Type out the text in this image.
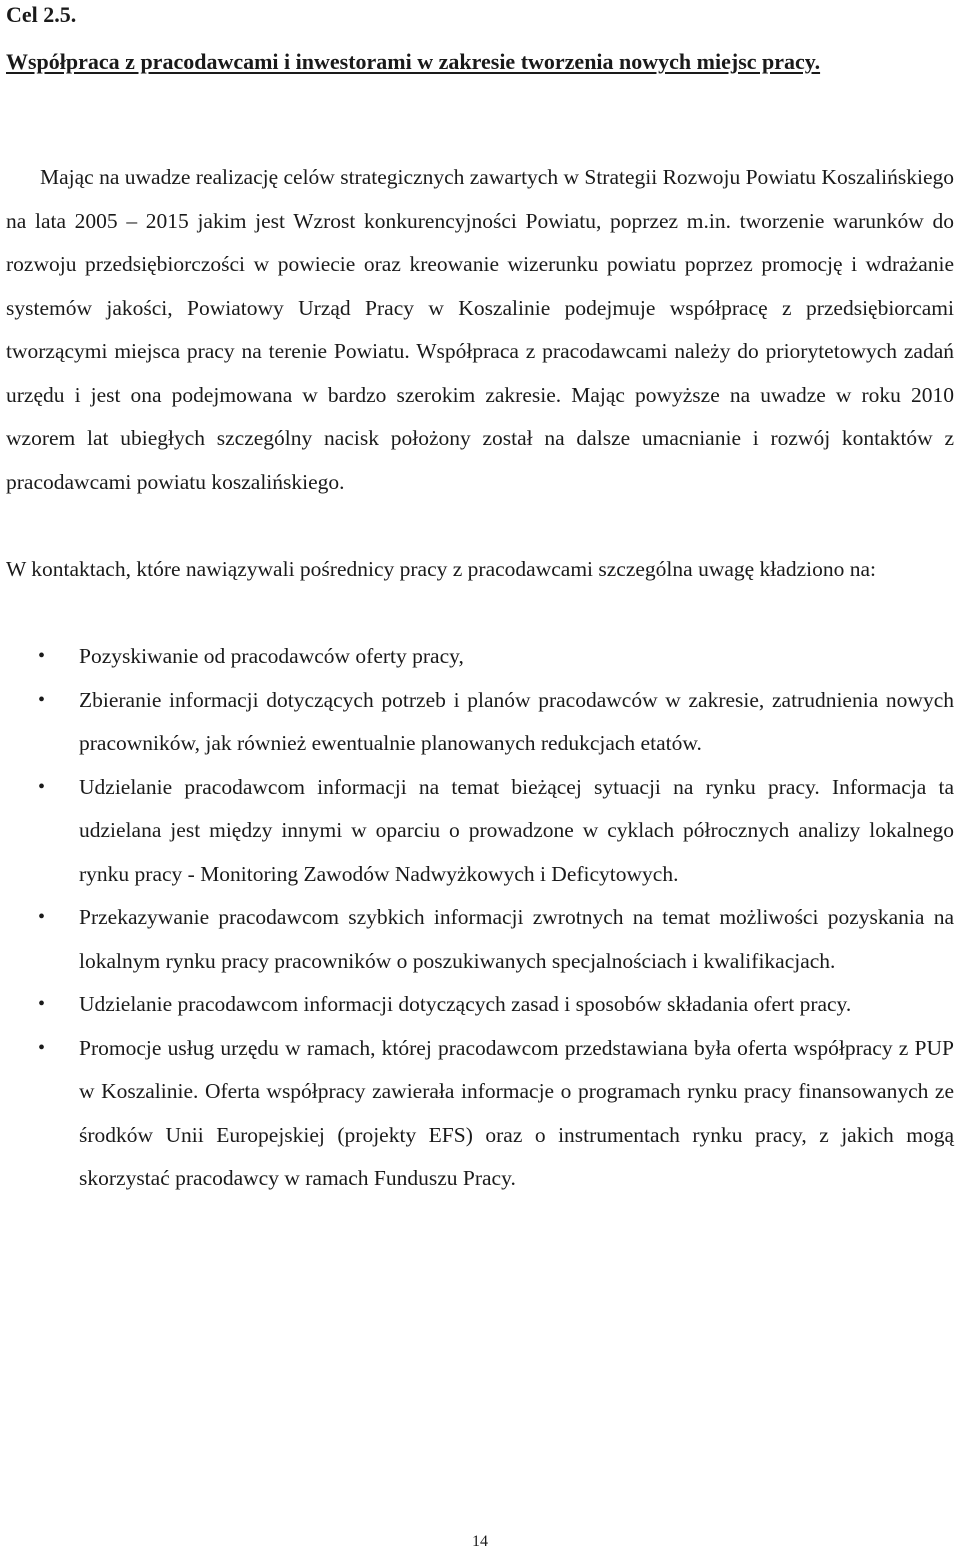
Cel 2.5.

Współpraca z pracodawcami i inwestorami w zakresie tworzenia nowych miejsc pracy.

Mając na uwadze realizację celów strategicznych zawartych w Strategii Rozwoju Powiatu Koszalińskiego na lata 2005 – 2015 jakim jest Wzrost konkurencyjności Powiatu, poprzez m.in. tworzenie warunków do rozwoju przedsiębiorczości w powiecie oraz kreowanie wizerunku powiatu poprzez promocję i wdrażanie systemów jakości, Powiatowy Urząd Pracy w Koszalinie podejmuje współpracę z przedsiębiorcami tworzącymi miejsca pracy na terenie Powiatu. Współpraca z pracodawcami należy do priorytetowych zadań urzędu i jest ona podejmowana w bardzo szerokim zakresie. Mając powyższe na uwadze w roku 2010 wzorem lat ubiegłych szczególny nacisk położony został na dalsze umacnianie i rozwój kontaktów z pracodawcami powiatu koszalińskiego.

W kontaktach, które nawiązywali pośrednicy pracy z pracodawcami szczególna uwagę kładziono na:

• Pozyskiwanie od pracodawców oferty pracy,
• Zbieranie informacji dotyczących potrzeb i planów pracodawców w zakresie, zatrudnienia nowych pracowników, jak również ewentualnie planowanych redukcjach etatów.
• Udzielanie pracodawcom informacji na temat bieżącej sytuacji na rynku pracy. Informacja ta udzielana jest między innymi w oparciu o prowadzone w cyklach półrocznych analizy lokalnego rynku pracy - Monitoring Zawodów Nadwyżkowych i Deficytowych.
• Przekazywanie pracodawcom szybkich informacji zwrotnych na temat możliwości pozyskania na lokalnym rynku pracy pracowników o poszukiwanych specjalnościach i kwalifikacjach.
• Udzielanie pracodawcom informacji dotyczących zasad i sposobów składania ofert pracy.
• Promocje usług urzędu w ramach, której pracodawcom przedstawiana była oferta współpracy z PUP w Koszalinie. Oferta współpracy zawierała informacje o programach rynku pracy finansowanych ze środków Unii Europejskiej (projekty EFS) oraz o instrumentach rynku pracy, z jakich mogą skorzystać pracodawcy w ramach Funduszu Pracy.
14
